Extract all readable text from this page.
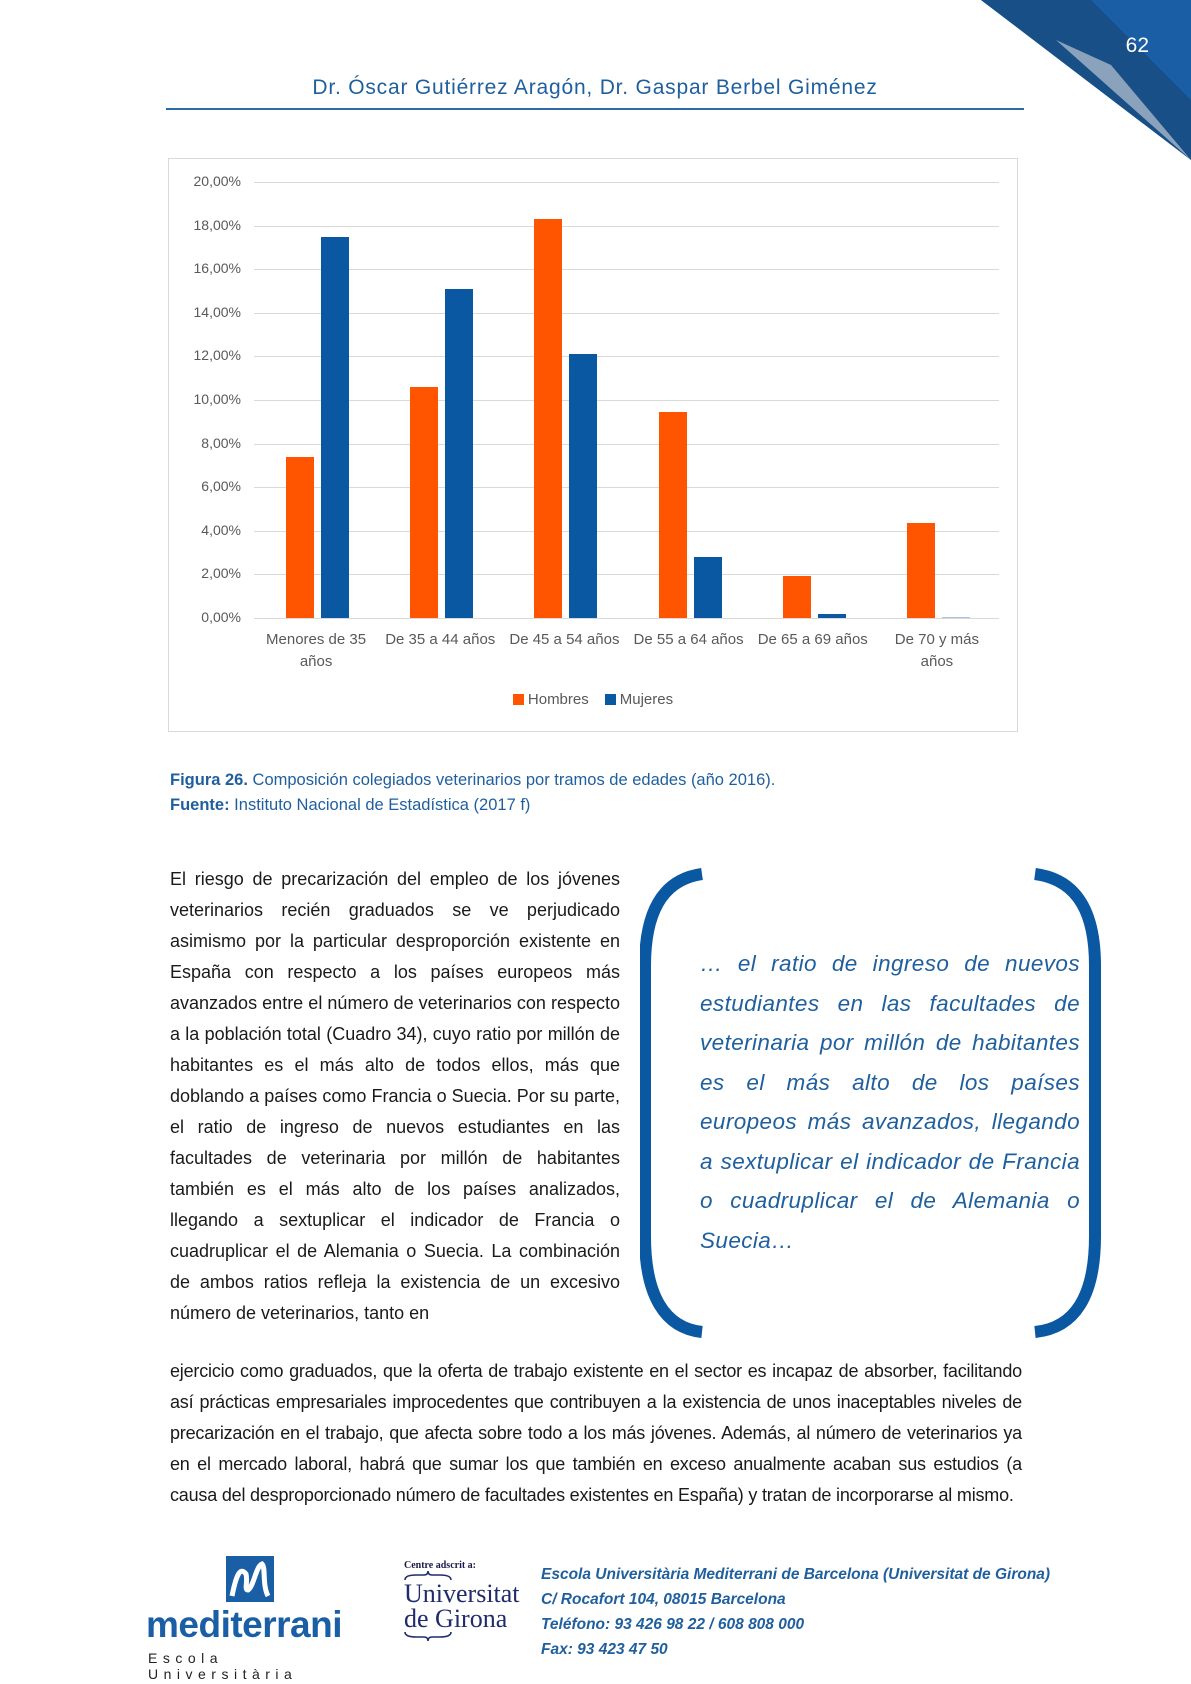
62
Dr. Óscar Gutiérrez Aragón, Dr. Gaspar Berbel Giménez
0,00%
2,00%
4,00%
6,00%
8,00%
10,00%
12,00%
14,00%
16,00%
18,00%
20,00%
Menores de 35
años
De 35 a 44 años De 45 a 54 años De 55 a 64 años De 65 a 69 años	De 70 y más
años
Hombres Mujeres
Figura 26. Composición colegiados veterinarios por tramos de edades (año 2016).
Fuente: Instituto Nacional de Estadística (2017 f)

El riesgo de precarización del empleo de los jóvenes veterinarios recién graduados se ve perjudicado asimismo por la particular desproporción existente en España con respecto a los países europeos más avanzados entre el número de veterinarios con respecto a la población total (Cuadro 34), cuyo ratio por millón de habitantes es el más alto de todos ellos, más que doblando a países como Francia o Suecia. Por su parte, el ratio de ingreso de nuevos estudiantes en las facultades de veterinaria por millón de habitantes también es el más alto de los países analizados, llegando a sextuplicar el indicador de Francia o cuadruplicar el de Alemania o Suecia. La combinación de ambos ratios refleja la existencia de un excesivo número de veterinarios, tanto en

… el ratio de ingreso de nuevos estudiantes en las facultades de veterinaria por millón de habitantes es el más alto de los países europeos más avanzados, llegando a sextuplicar el indicador de Francia o cuadruplicar el de Alemania o Suecia…

ejercicio como graduados, que la oferta de trabajo existente en el sector es incapaz de absorber, facilitando así prácticas empresariales improcedentes que contribuyen a la existencia de unos inaceptables niveles de precarización en el trabajo, que afecta sobre todo a los más jóvenes. Además, al número de veterinarios ya en el mercado laboral, habrá que sumar los que también en exceso anualmente acaban sus estudios (a causa del desproporcionado número de facultades existentes en España) y tratan de incorporarse al mismo.

mediterrani
Escola Universitària
Centre adscrit a:
Universitat
de Girona
Escola Universitària Mediterrani de Barcelona (Universitat de Girona)
C/ Rocafort 104, 08015 Barcelona
Teléfono: 93 426 98 22 / 608 808 000
Fax: 93 423 47 50
